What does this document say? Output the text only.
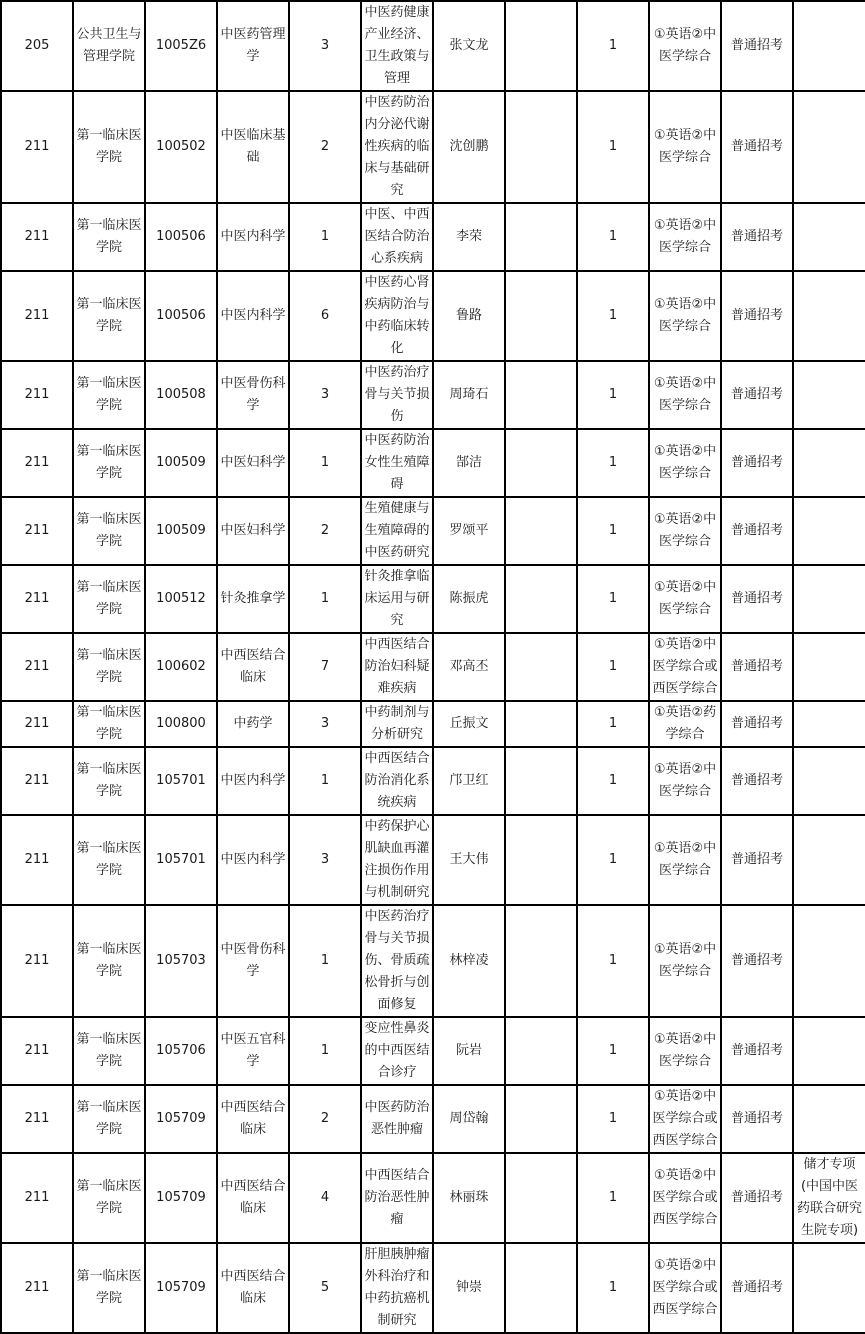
205	公共卫生与管理学院	1005Z6	中医药管理学	3	中医药健康产业经济、卫生政策与管理	张文龙		1	①英语②中医学综合	普通招考	
211	第一临床医学院	100502	中医临床基础	2	中医药防治内分泌代谢性疾病的临床与基础研究	沈创鹏		1	①英语②中医学综合	普通招考	
211	第一临床医学院	100506	中医内科学	1	中医、中西医结合防治心系疾病	李荣		1	①英语②中医学综合	普通招考	
211	第一临床医学院	100506	中医内科学	6	中医药心肾疾病防治与中药临床转化	鲁路		1	①英语②中医学综合	普通招考	
211	第一临床医学院	100508	中医骨伤科学	3	中医药治疗骨与关节损伤	周琦石		1	①英语②中医学综合	普通招考	
211	第一临床医学院	100509	中医妇科学	1	中医药防治女性生殖障碍	郜洁		1	①英语②中医学综合	普通招考	
211	第一临床医学院	100509	中医妇科学	2	生殖健康与生殖障碍的中医药研究	罗颂平		1	①英语②中医学综合	普通招考	
211	第一临床医学院	100512	针灸推拿学	1	针灸推拿临床运用与研究	陈振虎		1	①英语②中医学综合	普通招考	
211	第一临床医学院	100602	中西医结合临床	7	中西医结合防治妇科疑难疾病	邓高丕		1	①英语②中医学综合或西医学综合	普通招考	
211	第一临床医学院	100800	中药学	3	中药制剂与分析研究	丘振文		1	①英语②药学综合	普通招考	
211	第一临床医学院	105701	中医内科学	1	中西医结合防治消化系统疾病	邝卫红		1	①英语②中医学综合	普通招考	
211	第一临床医学院	105701	中医内科学	3	中药保护心肌缺血再灌注损伤作用与机制研究	王大伟		1	①英语②中医学综合	普通招考	
211	第一临床医学院	105703	中医骨伤科学	1	中医药治疗骨与关节损伤、骨质疏松骨折与创面修复	林梓凌		1	①英语②中医学综合	普通招考	
211	第一临床医学院	105706	中医五官科学	1	变应性鼻炎的中西医结合诊疗	阮岩		1	①英语②中医学综合	普通招考	
211	第一临床医学院	105709	中西医结合临床	2	中医药防治恶性肿瘤	周岱翰		1	①英语②中医学综合或西医学综合	普通招考	
211	第一临床医学院	105709	中西医结合临床	4	中西医结合防治恶性肿瘤	林丽珠		1	①英语②中医学综合或西医学综合	普通招考	储才专项(中国中医药联合研究生院专项)
211	第一临床医学院	105709	中西医结合临床	5	肝胆胰肿瘤外科治疗和中药抗癌机制研究	钟崇		1	①英语②中医学综合或西医学综合	普通招考	
